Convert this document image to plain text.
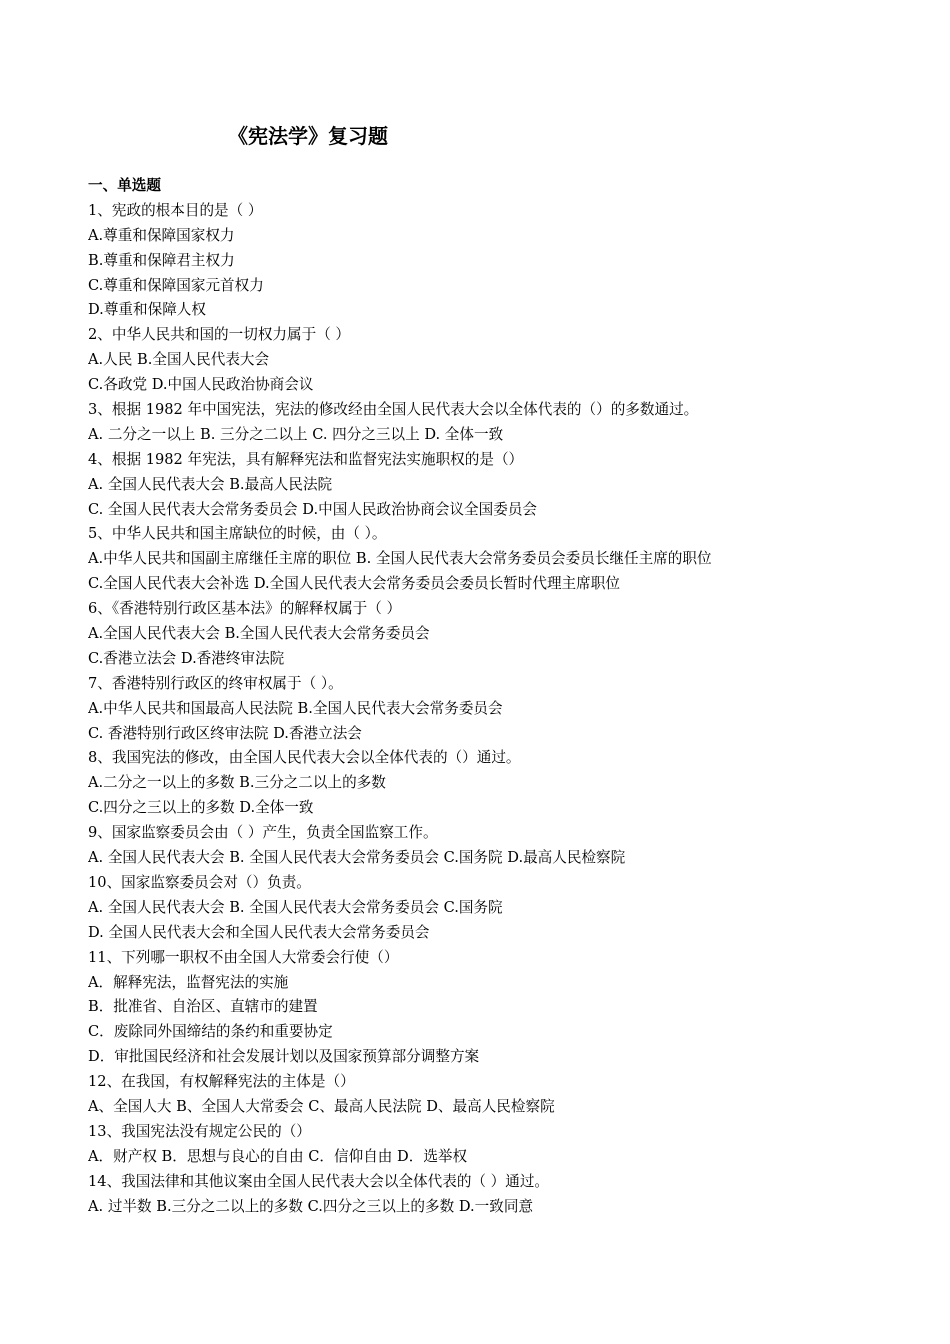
《宪法学》复习题
一、单选题
1、宪政的根本目的是（ ）
A.尊重和保障国家权力
B.尊重和保障君主权力
C.尊重和保障国家元首权力
D.尊重和保障人权
2、中华人民共和国的一切权力属于（ ）
A.人民 B.全国人民代表大会
C.各政党 D.中国人民政治协商会议
3、根据 1982 年中国宪法，宪法的修改经由全国人民代表大会以全体代表的（）的多数通过。
A. 二分之一以上 B. 三分之二以上 C. 四分之三以上 D. 全体一致
4、根据 1982 年宪法，具有解释宪法和监督宪法实施职权的是（）
A. 全国人民代表大会 B.最高人民法院
C. 全国人民代表大会常务委员会 D.中国人民政治协商会议全国委员会
5、中华人民共和国主席缺位的时候，由（ ）。
A.中华人民共和国副主席继任主席的职位 B. 全国人民代表大会常务委员会委员长继任主席的职位
C.全国人民代表大会补选 D.全国人民代表大会常务委员会委员长暂时代理主席职位
6、《香港特别行政区基本法》的解释权属于（ ）
A.全国人民代表大会 B.全国人民代表大会常务委员会
C.香港立法会 D.香港终审法院
7、香港特别行政区的终审权属于（ ）。
A.中华人民共和国最高人民法院 B.全国人民代表大会常务委员会
C. 香港特别行政区终审法院 D.香港立法会
8、我国宪法的修改，由全国人民代表大会以全体代表的（）通过。
A.二分之一以上的多数 B.三分之二以上的多数
C.四分之三以上的多数 D.全体一致
9、国家监察委员会由（ ）产生，负责全国监察工作。
A. 全国人民代表大会 B. 全国人民代表大会常务委员会 C.国务院 D.最高人民检察院
10、国家监察委员会对（）负责。
A. 全国人民代表大会 B. 全国人民代表大会常务委员会 C.国务院
D. 全国人民代表大会和全国人民代表大会常务委员会
11、下列哪一职权不由全国人大常委会行使（）
A．解释宪法，监督宪法的实施
B．批准省、自治区、直辖市的建置
C．废除同外国缔结的条约和重要协定
D．审批国民经济和社会发展计划以及国家预算部分调整方案
12、在我国，有权解释宪法的主体是（）
A、全国人大 B、全国人大常委会 C、最高人民法院 D、最高人民检察院
13、我国宪法没有规定公民的（）
A．财产权 B．思想与良心的自由 C．信仰自由 D．选举权
14、我国法律和其他议案由全国人民代表大会以全体代表的（ ）通过。
A. 过半数 B.三分之二以上的多数 C.四分之三以上的多数 D.一致同意
